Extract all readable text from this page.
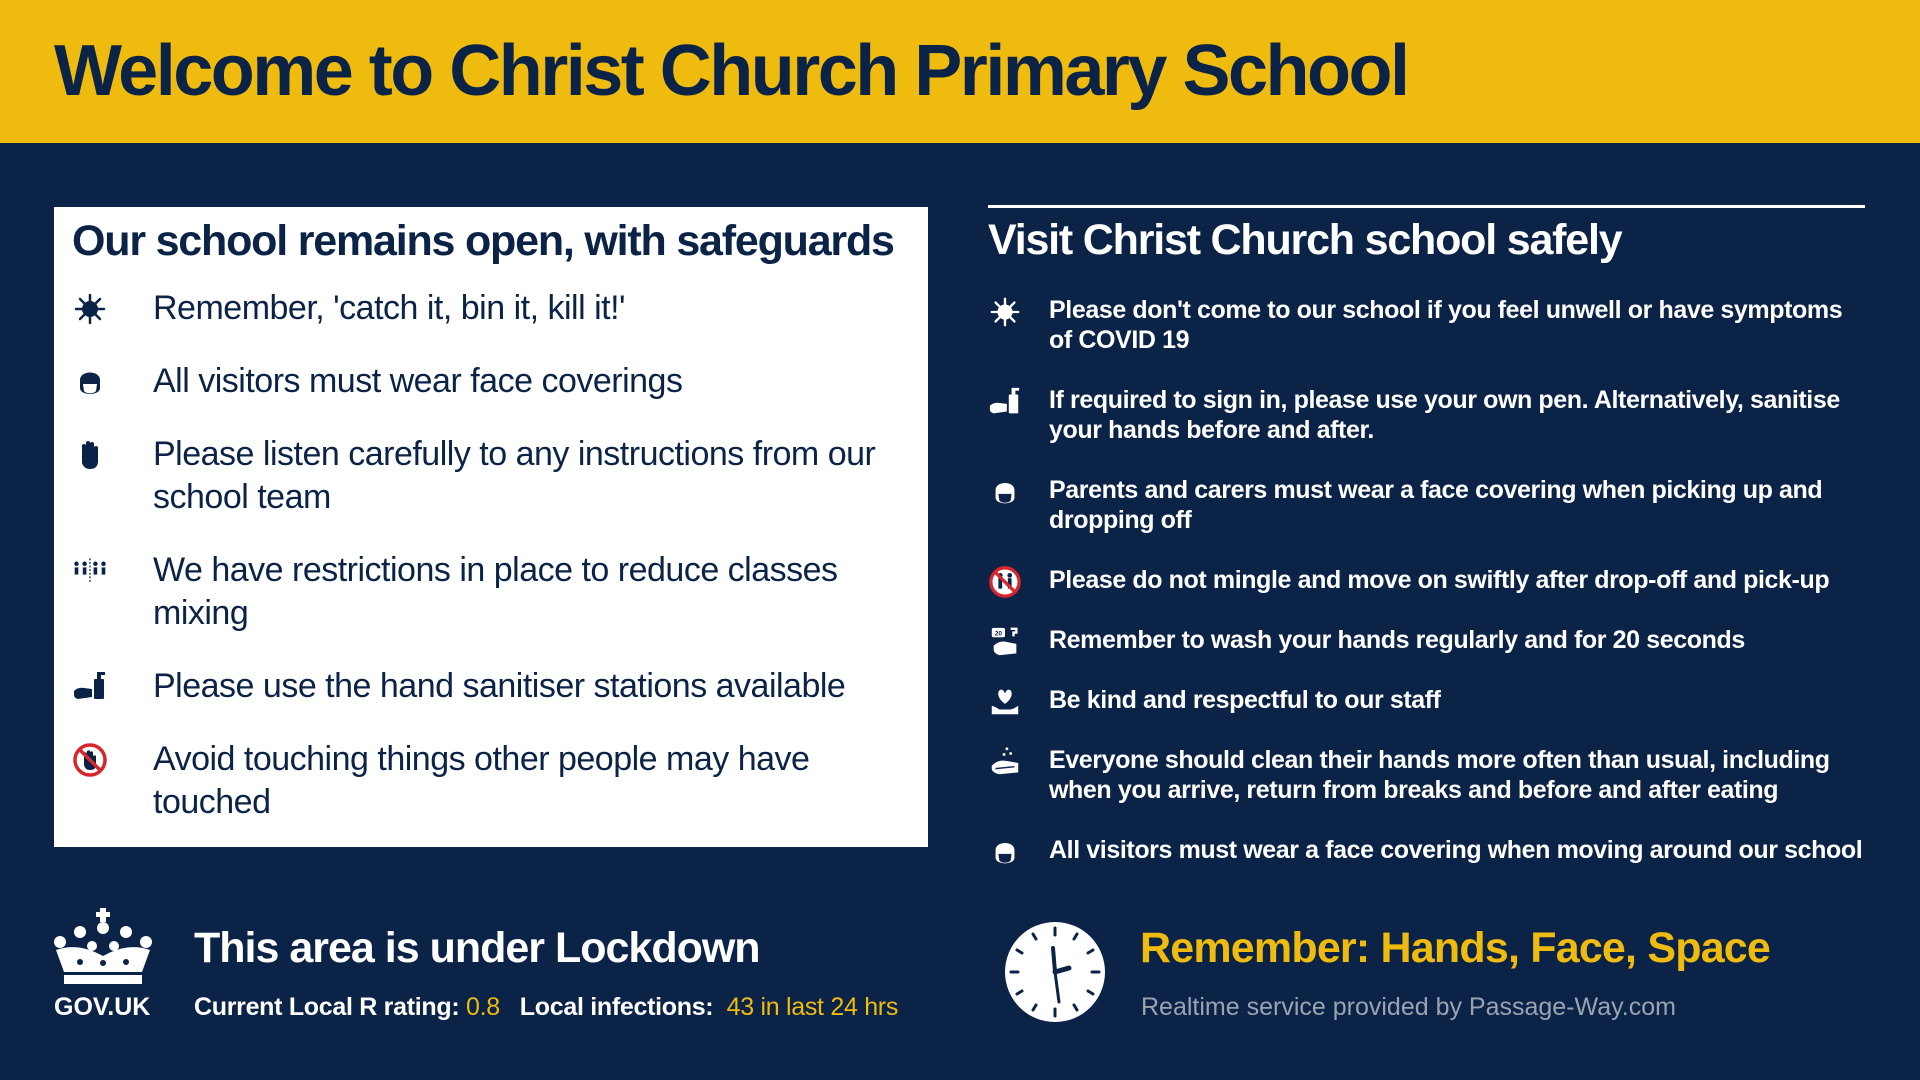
Welcome to Christ Church Primary School
Our school remains open, with safeguards
Remember, 'catch it, bin it, kill it!'
All visitors must wear face coverings
Please listen carefully to any instructions from our school team
We have restrictions in place to reduce classes mixing
Please use the hand sanitiser stations available
Avoid touching things other people may have touched
Visit Christ Church school safely
Please don't come to our school if you feel unwell or have symptoms of COVID 19
If required to sign in, please use your own pen. Alternatively, sanitise your hands before and after.
Parents and carers must wear a face covering when picking up and dropping off
Please do not mingle and move on swiftly after drop-off and pick-up
20 Remember to wash your hands regularly and for 20 seconds
Be kind and respectful to our staff
Everyone should clean their hands more often than usual, including when you arrive, return from breaks and before and after eating
All visitors must wear a face covering when moving around our school
GOV.UK
This area is under Lockdown
Current Local R rating: 0.8 Local infections: 43 in last 24 hrs
Remember: Hands, Face, Space
Realtime service provided by Passage-Way.com
